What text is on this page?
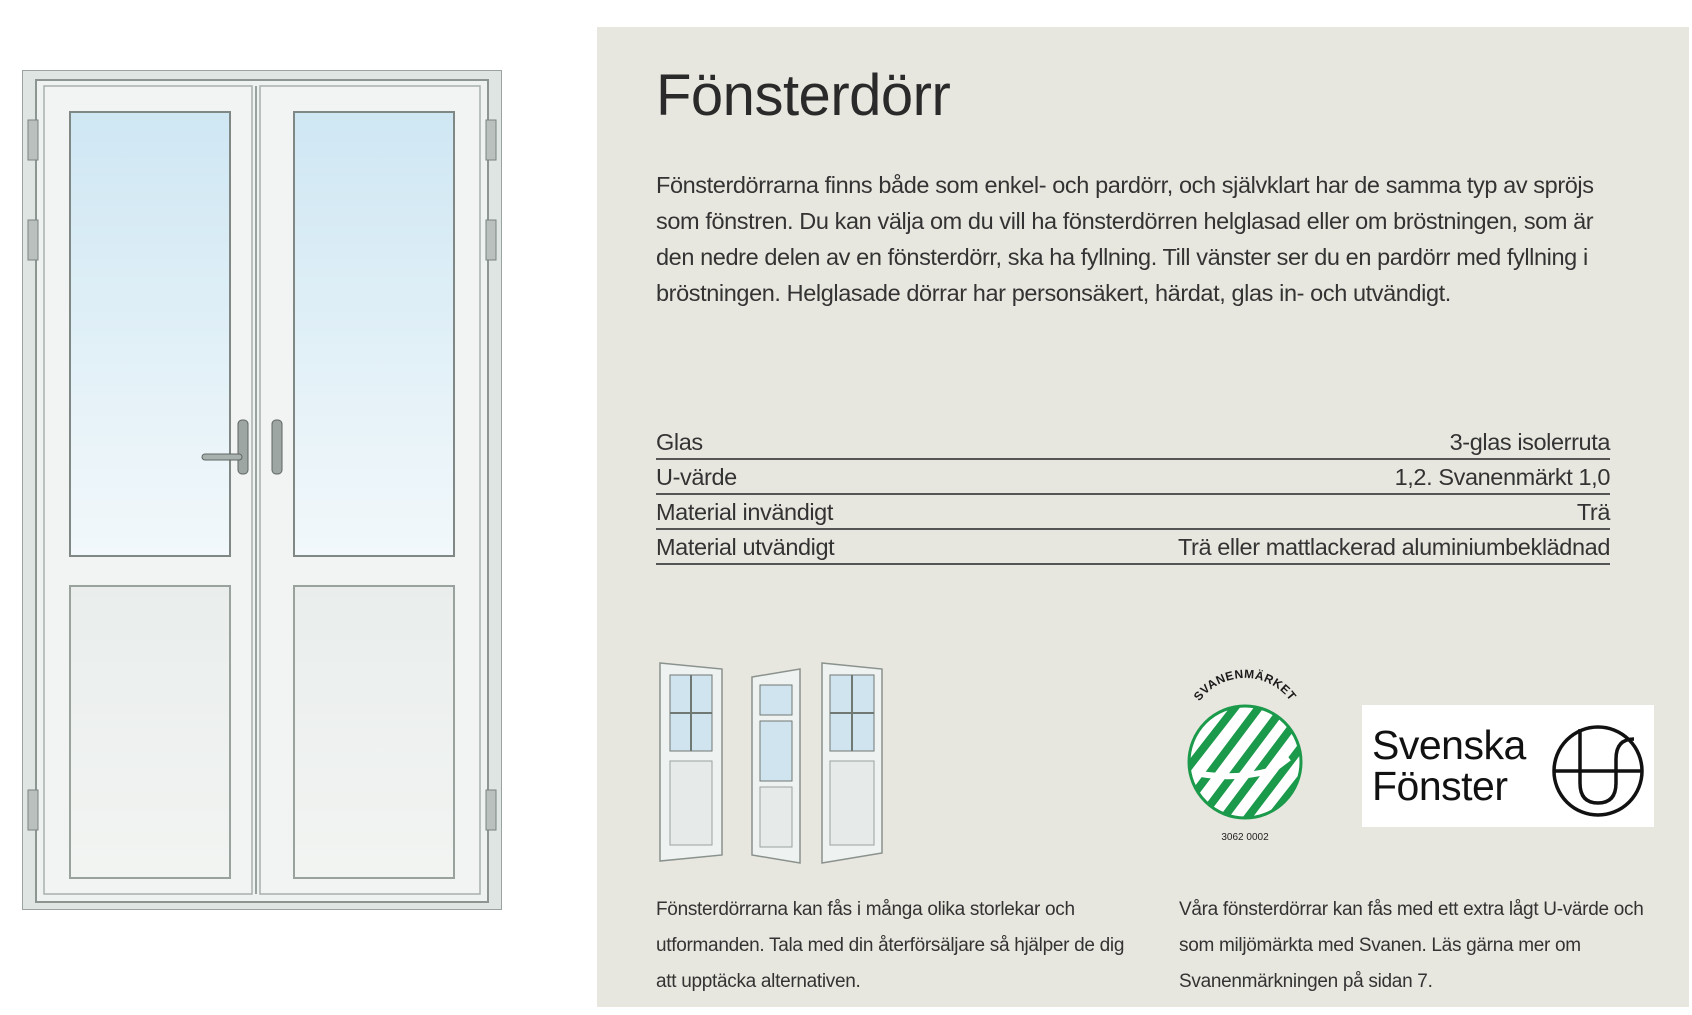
Fönsterdörr

Fönsterdörrarna finns både som enkel- och pardörr, och självklart har de samma typ av spröjs som fönstren. Du kan välja om du vill ha fönsterdörren helglasad eller om bröstningen, som är den nedre delen av en fönsterdörr, ska ha fyllning. Till vänster ser du en pardörr med fyllning i bröstningen. Helglasade dörrar har personsäkert, härdat, glas in- och utvändigt.

Glas	3-glas isolerruta
U-värde	1,2. Svanenmärkt 1,0
Material invändigt	Trä
Material utvändigt	Trä eller mattlackerad aluminiumbeklädnad
SVANENMÄRKET
3062 0002
Svenska
Fönster

Fönsterdörrarna kan fås i många olika storlekar och utformanden. Tala med din återförsäljare så hjälper de dig att upptäcka alternativen.

Våra fönsterdörrar kan fås med ett extra lågt U-värde och som miljömärkta med Svanen. Läs gärna mer om Svanenmärkningen på sidan 7.
